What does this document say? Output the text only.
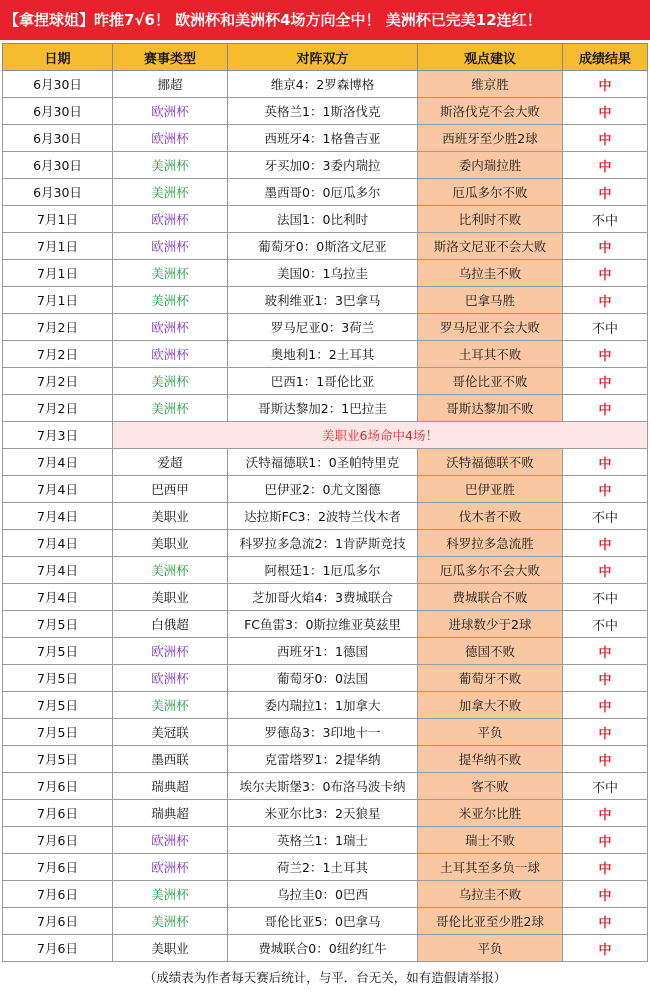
【拿捏球姐】昨推7√6！ 欧洲杯和美洲杯4场方向全中！ 美洲杯已完美12连红！
日期	赛事类型	对阵双方	观点建议	成绩结果
6月30日	挪超	维京4：2罗森博格	维京胜	中
6月30日	欧洲杯	英格兰1：1斯洛伐克	斯洛伐克不会大败	中
6月30日	欧洲杯	西班牙4：1格鲁吉亚	西班牙至少胜2球	中
6月30日	美洲杯	牙买加0：3委内瑞拉	委内瑞拉胜	中
6月30日	美洲杯	墨西哥0：0厄瓜多尔	厄瓜多尔不败	中
7月1日	欧洲杯	法国1：0比利时	比利时不败	不中
7月1日	欧洲杯	葡萄牙0：0斯洛文尼亚	斯洛文尼亚不会大败	中
7月1日	美洲杯	美国0：1乌拉圭	乌拉圭不败	中
7月1日	美洲杯	玻利维亚1：3巴拿马	巴拿马胜	中
7月2日	欧洲杯	罗马尼亚0：3荷兰	罗马尼亚不会大败	不中
7月2日	欧洲杯	奥地利1：2土耳其	土耳其不败	中
7月2日	美洲杯	巴西1：1哥伦比亚	哥伦比亚不败	中
7月2日	美洲杯	哥斯达黎加2：1巴拉圭	哥斯达黎加不败	中
7月3日	美职业6场命中4场！			
7月4日	爱超	沃特福德联1：0圣帕特里克	沃特福德联不败	中
7月4日	巴西甲	巴伊亚2：0尤文图德	巴伊亚胜	中
7月4日	美职业	达拉斯FC3：2波特兰伐木者	伐木者不败	不中
7月4日	美职业	科罗拉多急流2：1肯萨斯竞技	科罗拉多急流胜	中
7月4日	美洲杯	阿根廷1：1厄瓜多尔	厄瓜多尔不会大败	中
7月4日	美职业	芝加哥火焰4：3费城联合	费城联合不败	不中
7月5日	白俄超	FC鱼雷3：0斯拉维亚莫兹里	进球数少于2球	不中
7月5日	欧洲杯	西班牙1：1德国	德国不败	中
7月5日	欧洲杯	葡萄牙0：0法国	葡萄牙不败	中
7月5日	美洲杯	委内瑞拉1：1加拿大	加拿大不败	中
7月5日	美冠联	罗德岛3：3印地十一	平负	中
7月5日	墨西联	克雷塔罗1：2提华纳	提华纳不败	中
7月6日	瑞典超	埃尔夫斯堡3：0布洛马波卡纳	客不败	不中
7月6日	瑞典超	米亚尔比3：2天狼星	米亚尔比胜	中
7月6日	欧洲杯	英格兰1：1瑞士	瑞士不败	中
7月6日	欧洲杯	荷兰2：1土耳其	土耳其至多负一球	中
7月6日	美洲杯	乌拉圭0：0巴西	乌拉圭不败	中
7月6日	美洲杯	哥伦比亚5：0巴拿马	哥伦比亚至少胜2球	中
7月6日	美职业	费城联合0：0纽约红牛	平负	中
（成绩表为作者每天赛后统计，与平．台无关，如有造假请举报）
